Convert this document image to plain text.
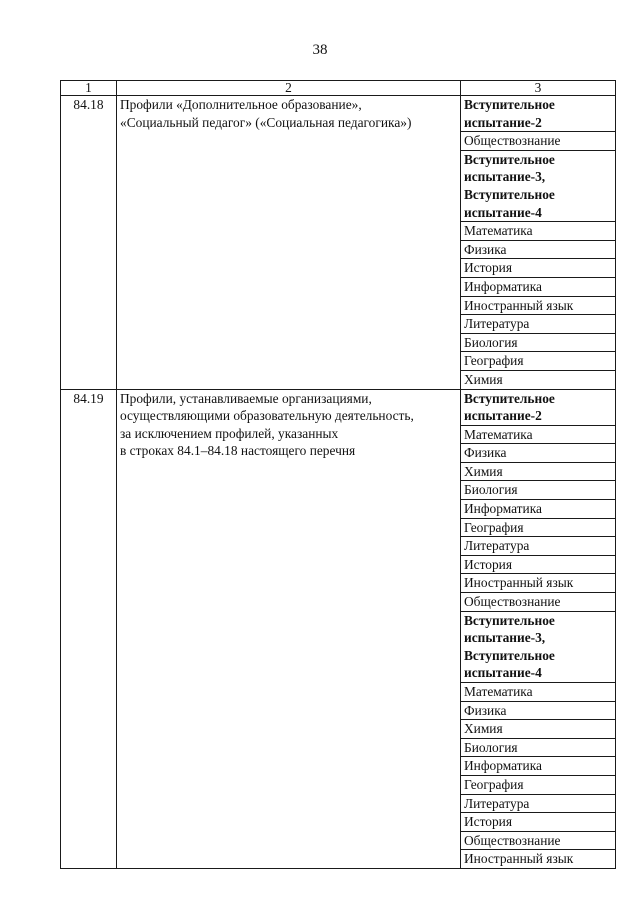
38
1	2	3
84.18	Профили «Дополнительное образование»,
«Социальный педагог» («Социальная педагогика»)	Вступительное
испытание-2

		Обществознание

		Вступительное
испытание-3,
Вступительное
испытание-4

		Математика

		Физика

		История

		Информатика

		Иностранный язык

		Литература

		Биология

		География

		Химия

84.19	Профили, устанавливаемые организациями,
осуществляющими образовательную деятельность,
за исключением профилей, указанных
в строках 84.1–84.18 настоящего перечня	Вступительное
испытание-2

		Математика

		Физика

		Химия

		Биология

		Информатика

		География

		Литература

		История

		Иностранный язык

		Обществознание

		Вступительное
испытание-3,
Вступительное
испытание-4

		Математика

		Физика

		Химия

		Биология

		Информатика

		География

		Литература

		История

		Обществознание

		Иностранный язык
